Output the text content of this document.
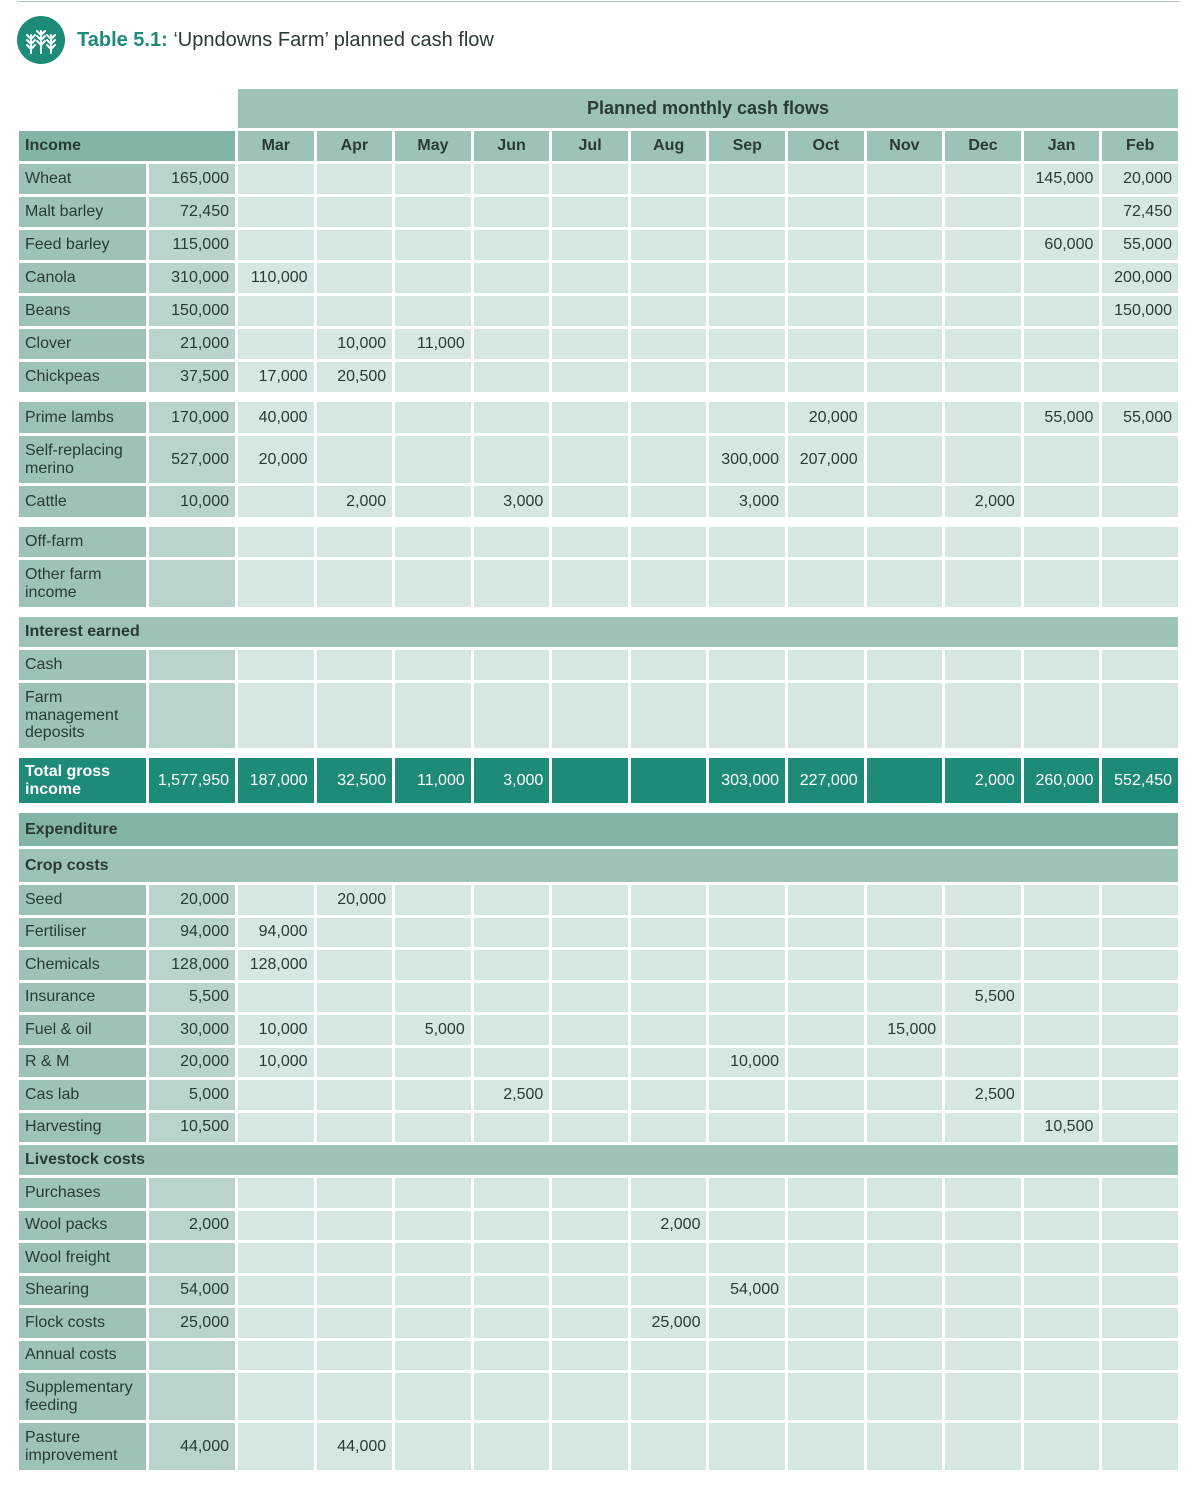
Table 5.1: ‘Upndowns Farm’ planned cash flow
		Planned monthly cash flows											
Income		Mar	Apr	May	Jun	Jul	Aug	Sep	Oct	Nov	Dec	Jan	Feb
Wheat	165,000											145,000	20,000
Malt barley	72,450												72,450
Feed barley	115,000											60,000	55,000
Canola	310,000	110,000											200,000
Beans	150,000												150,000
Clover	21,000		10,000	11,000									
Chickpeas	37,500	17,000	20,500										

Prime lambs	170,000	40,000							20,000			55,000	55,000
Self-replacing merino	527,000	20,000						300,000	207,000				
Cattle	10,000		2,000		3,000			3,000			2,000		

Off-farm													
Other farm income													

Interest earned													
Cash													
Farm management deposits													

Total gross income	1,577,950	187,000	32,500	11,000	3,000			303,000	227,000		2,000	260,000	552,450

Expenditure													
Crop costs													
Seed	20,000		20,000										
Fertiliser	94,000	94,000											
Chemicals	128,000	128,000											
Insurance	5,500										5,500		
Fuel & oil	30,000	10,000		5,000						15,000			
R & M	20,000	10,000						10,000					
Cas lab	5,000				2,500						2,500		
Harvesting	10,500											10,500	
Livestock costs													
Purchases													
Wool packs	2,000						2,000						
Wool freight													
Shearing	54,000							54,000					
Flock costs	25,000						25,000						
Annual costs													
Supplementary feeding													
Pasture improvement	44,000		44,000										
